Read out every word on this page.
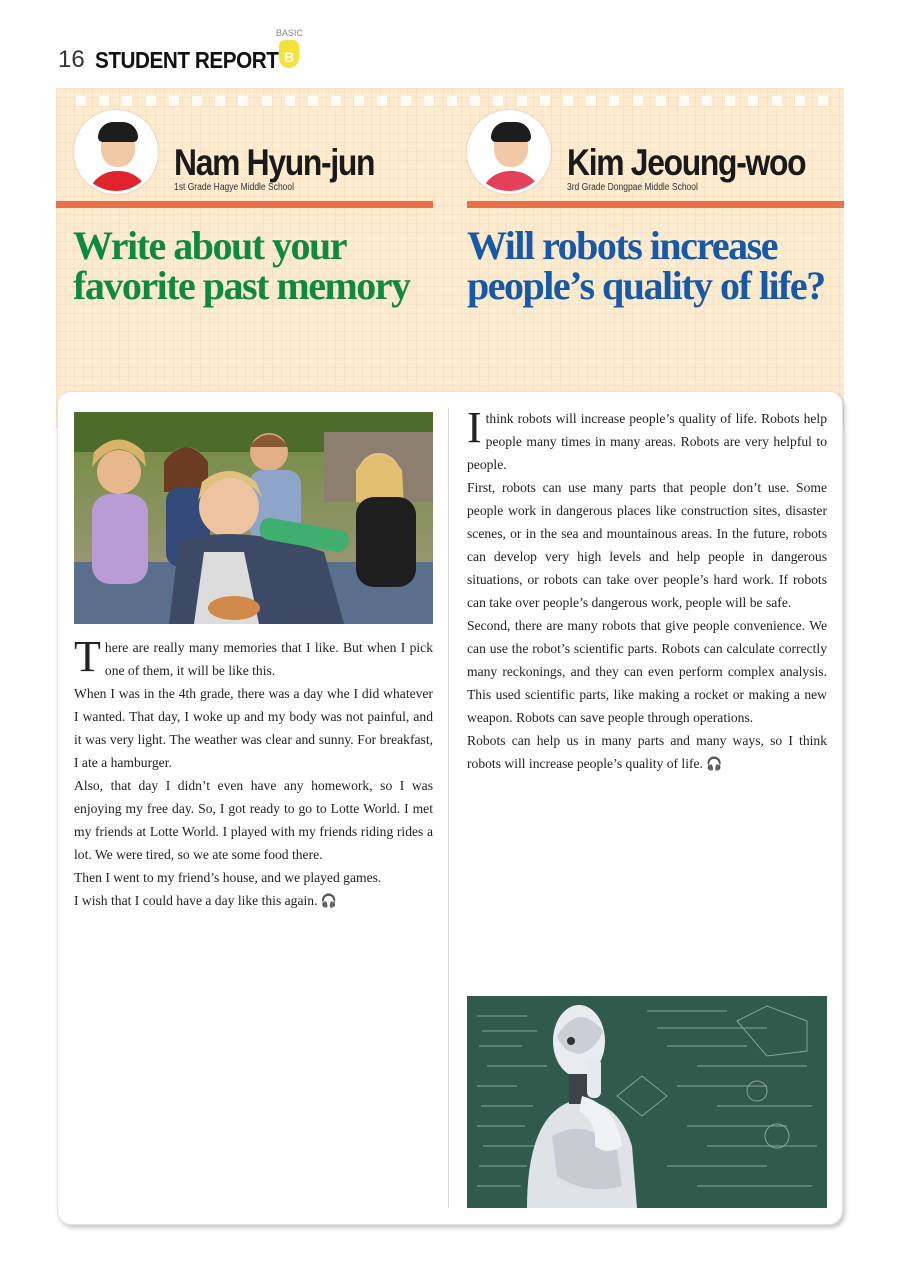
16 STUDENT REPORT
BASIC
B
Nam Hyun-jun
1st Grade Hagye Middle School
Kim Jeoung-woo
3rd Grade Dongpae Middle School
Write about your favorite past memory
Will robots increase people’s quality of life?

There are really many memories that I like. But when I pick one of them, it will be like this.

When I was in the 4th grade, there was a day whe I did whatever I wanted. That day, I woke up and my body was not painful, and it was very light. The weather was clear and sunny. For breakfast, I ate a hamburger.

Also, that day I didn’t even have any homework, so I was enjoying my free day. So, I got ready to go to Lotte World. I met my friends at Lotte World. I played with my friends riding rides a lot. We were tired, so we ate some food there.

Then I went to my friend’s house, and we played games.

I wish that I could have a day like this again. 🎧

Ithink robots will increase people’s quality of life. Robots help people many times in many areas. Robots are very helpful to people.

First, robots can use many parts that people don’t use. Some people work in dangerous places like construction sites, disaster scenes, or in the sea and mountainous areas. In the future, robots can develop very high levels and help people in dangerous situations, or robots can take over people’s hard work. If robots can take over people’s dangerous work, people will be safe.

Second, there are many robots that give people convenience. We can use the robot’s scientific parts. Robots can calculate correctly many reckonings, and they can even perform complex analysis. This used scientific parts, like making a rocket or making a new weapon. Robots can save people through operations.

Robots can help us in many parts and many ways, so I think robots will increase people’s quality of life. 🎧
